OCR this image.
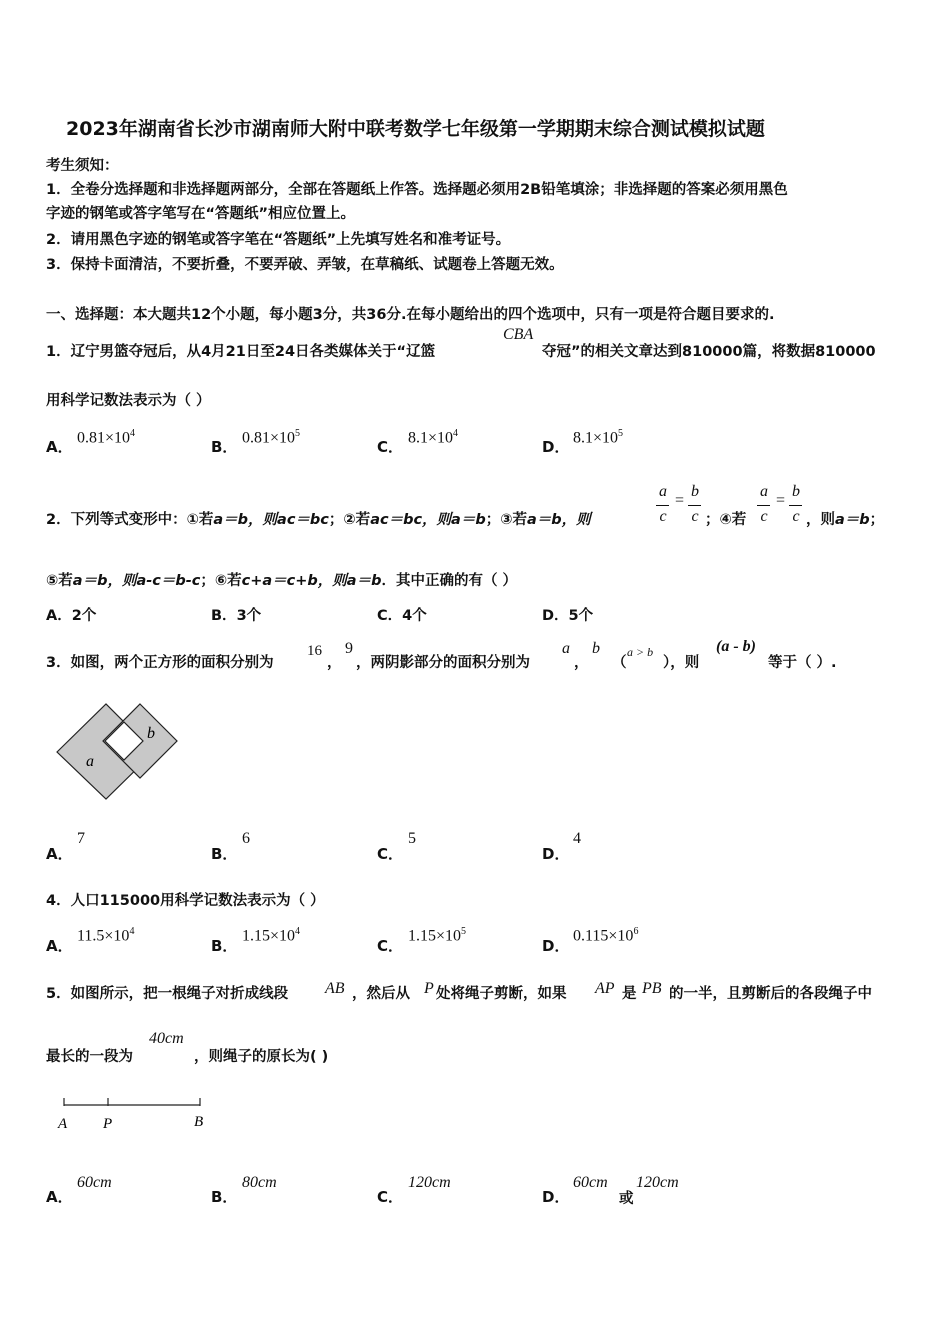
2023年湖南省长沙市湖南师大附中联考数学七年级第一学期期末综合测试模拟试题
考生须知：
1．全卷分选择题和非选择题两部分，全部在答题纸上作答。选择题必须用2B铅笔填涂；非选择题的答案必须用黑色
字迹的钢笔或答字笔写在“答题纸”相应位置上。
2．请用黑色字迹的钢笔或答字笔在“答题纸”上先填写姓名和准考证号。
3．保持卡面清洁，不要折叠，不要弄破、弄皱，在草稿纸、试题卷上答题无效。
一、选择题：本大题共12个小题，每小题3分，共36分.在每小题给出的四个选项中，只有一项是符合题目要求的.
1．辽宁男篮夺冠后，从4月21日至24日各类媒体关于“辽篮
CBA
夺冠”的相关文章达到810000篇，将数据810000
用科学记数法表示为（ ）
A．
$0.81\times 10^4$
B．
$0.81\times 10^5$
C．
$8.1\times 10^4$
D．
$8.1\times 10^5$
2．下列等式变形中：①若a＝b，则ac＝bc；②若ac＝bc，则a＝b；③若a＝b，则
a
c
=
b
c ；④若
a
c
=
b
c ，则a＝b；
⑤若a＝b，则a-c＝b-c；⑥若c+a＝c+b，则a＝b．其中正确的有（ ）
A．2个	B．3个	C．4个	D．5个
3．如图，两个正方形的面积分别为
16
，
9
，两阴影部分的面积分别为
a
，
b
（
a > b
），则
(a - b)
等于（ ）.
a
b
A．
7
B．
6
C．
5
D．
4
4．人口115000用科学记数法表示为（ ）
A．
$11.5\times 10^4$
B．
$1.15\times 10^4$
C．
$1.15\times 10^5$
D．
$0.115\times 10^6$
5．如图所示，把一根绳子对折成线段 AB ，然后从 P 处将绳子剪断，如果 AP 是 PB 的一半，且剪断后的各段绳子中
最长的一段为
40cm
，则绳子的原长为( )
A P	B
A．
60cm
B．
80cm
C．
120cm
D．
60cm
或
120cm
